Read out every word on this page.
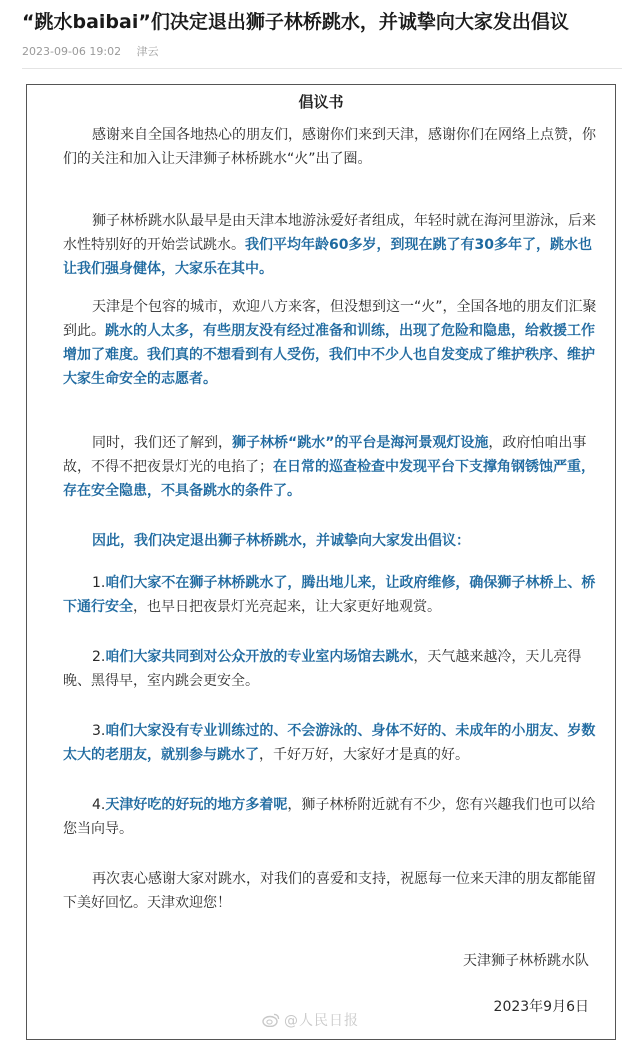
“跳水baibai”们决定退出狮子林桥跳水，并诚挚向大家发出倡议
2023-09-06 19:02 津云
倡议书

感谢来自全国各地热心的朋友们，感谢你们来到天津，感谢你们在网络上点赞，你们的关注和加入让天津狮子林桥跳水“火”出了圈。

狮子林桥跳水队最早是由天津本地游泳爱好者组成，年轻时就在海河里游泳，后来水性特别好的开始尝试跳水。我们平均年龄60多岁，到现在跳了有30多年了，跳水也让我们强身健体，大家乐在其中。

天津是个包容的城市，欢迎八方来客，但没想到这一“火”，全国各地的朋友们汇聚到此。跳水的人太多，有些朋友没有经过准备和训练，出现了危险和隐患，给救援工作增加了难度。我们真的不想看到有人受伤，我们中不少人也自发变成了维护秩序、维护大家生命安全的志愿者。

同时，我们还了解到，狮子林桥“跳水”的平台是海河景观灯设施，政府怕咱出事故，不得不把夜景灯光的电掐了；在日常的巡查检查中发现平台下支撑角钢锈蚀严重，存在安全隐患，不具备跳水的条件了。

因此，我们决定退出狮子林桥跳水，并诚挚向大家发出倡议：

1.咱们大家不在狮子林桥跳水了，腾出地儿来，让政府维修，确保狮子林桥上、桥下通行安全，也早日把夜景灯光亮起来，让大家更好地观赏。

2.咱们大家共同到对公众开放的专业室内场馆去跳水，天气越来越冷，天儿亮得晚、黑得早，室内跳会更安全。

3.咱们大家没有专业训练过的、不会游泳的、身体不好的、未成年的小朋友、岁数太大的老朋友，就别参与跳水了，千好万好，大家好才是真的好。

4.天津好吃的好玩的地方多着呢，狮子林桥附近就有不少，您有兴趣我们也可以给您当向导。

再次衷心感谢大家对跳水，对我们的喜爱和支持，祝愿每一位来天津的朋友都能留下美好回忆。天津欢迎您！

天津狮子林桥跳水队
2023年9月6日
@人民日报
